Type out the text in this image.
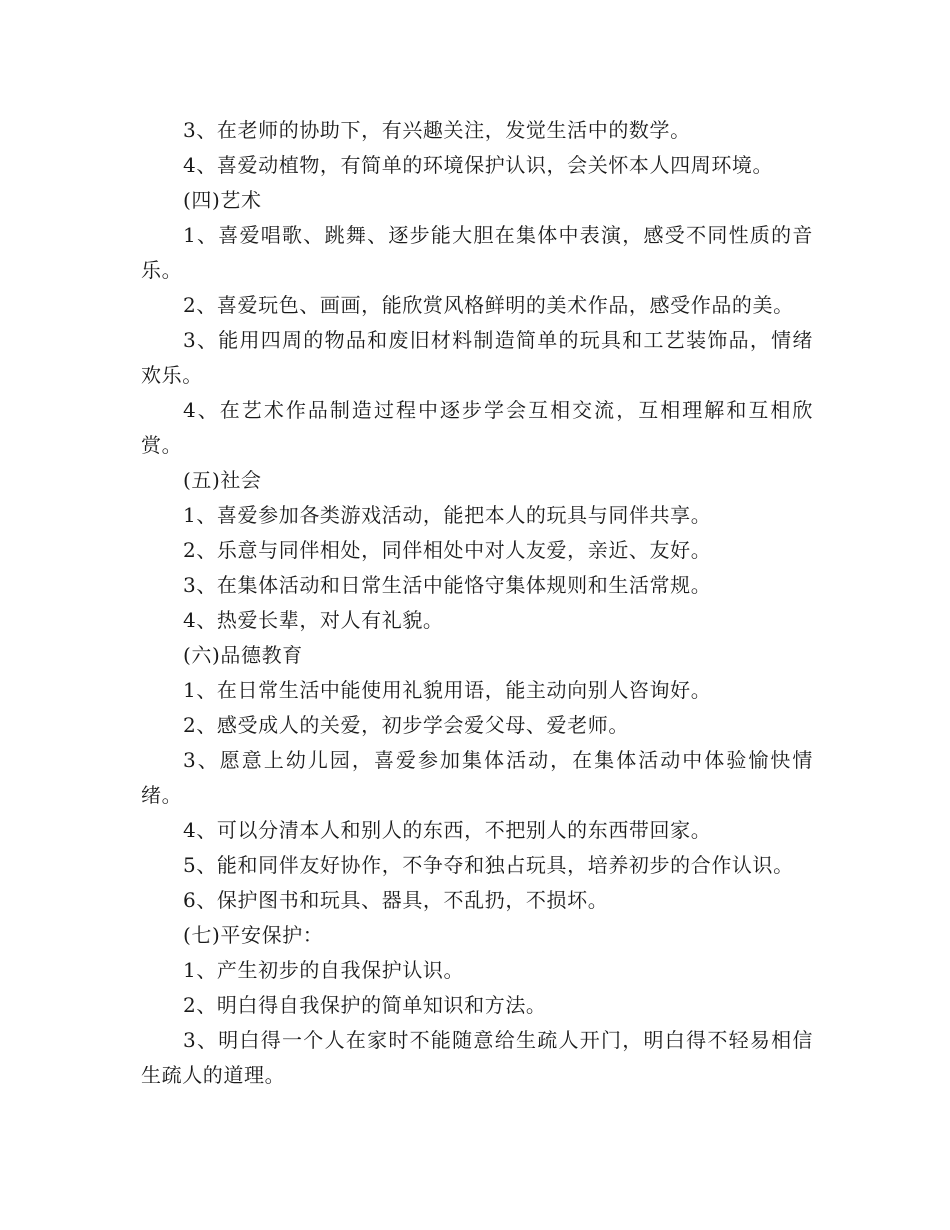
3、在老师的协助下，有兴趣关注，发觉生活中的数学。

4、喜爱动植物，有简单的环境保护认识，会关怀本人四周环境。

(四)艺术

1、喜爱唱歌、跳舞、逐步能大胆在集体中表演，感受不同性质的音乐。

2、喜爱玩色、画画，能欣赏风格鲜明的美术作品，感受作品的美。

3、能用四周的物品和废旧材料制造简单的玩具和工艺装饰品，情绪欢乐。

4、在艺术作品制造过程中逐步学会互相交流，互相理解和互相欣赏。

(五)社会

1、喜爱参加各类游戏活动，能把本人的玩具与同伴共享。

2、乐意与同伴相处，同伴相处中对人友爱，亲近、友好。

3、在集体活动和日常生活中能恪守集体规则和生活常规。

4、热爱长辈，对人有礼貌。

(六)品德教育

1、在日常生活中能使用礼貌用语，能主动向别人咨询好。

2、感受成人的关爱，初步学会爱父母、爱老师。

3、愿意上幼儿园，喜爱参加集体活动，在集体活动中体验愉快情绪。

4、可以分清本人和别人的东西，不把别人的东西带回家。

5、能和同伴友好协作，不争夺和独占玩具，培养初步的合作认识。

6、保护图书和玩具、器具，不乱扔，不损坏。

(七)平安保护：

1、产生初步的自我保护认识。

2、明白得自我保护的简单知识和方法。

3、明白得一个人在家时不能随意给生疏人开门，明白得不轻易相信生疏人的道理。
